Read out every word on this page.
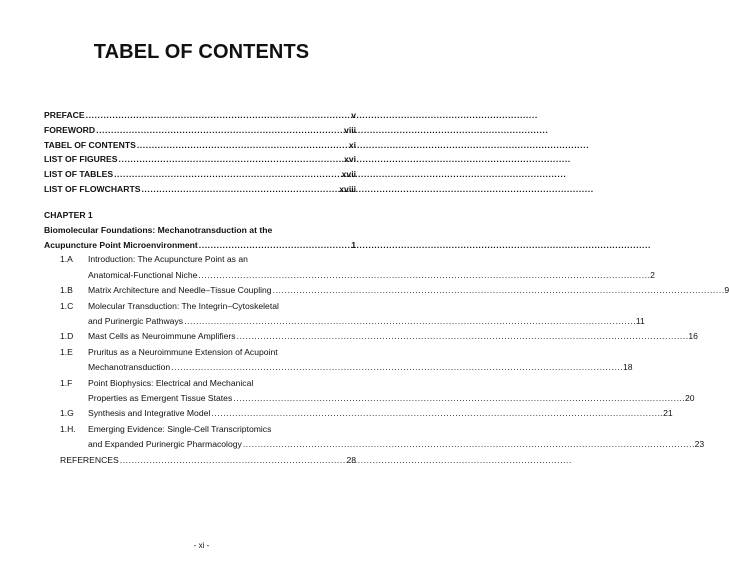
TABEL OF CONTENTS
PREFACE . . .	v
FOREWORD . . .	viii
TABEL OF CONTENTS . . .	xi
LIST OF FIGURES . . .	xvi
LIST OF TABLES . . .	xvii
LIST OF FLOWCHARTS . . .	xviii
CHAPTER 1
Biomolecular Foundations: Mechanotransduction at the
Acupuncture Point Microenvironment . . .	1
1.A	Introduction: The Acupuncture Point as an
Anatomical-Functional Niche . . .	2
1.B	Matrix Architecture and Needle–Tissue Coupling . . .	9
1.C	Molecular Transduction: The Integrin–Cytoskeletal
and Purinergic Pathways . . .	11
1.D	Mast Cells as Neuroimmune Amplifiers . . .	16
1.E	Pruritus as a Neuroimmune Extension of Acupoint
Mechanotransduction . . .	18
1.F	Point Biophysics: Electrical and Mechanical
Properties as Emergent Tissue States . . .	20
1.G	Synthesis and Integrative Model . . .	21
1.H.	Emerging Evidence: Single-Cell Transcriptomics
and Expanded Purinergic Pharmacology . . .	23
REFERENCES . . .	28
- xi -
